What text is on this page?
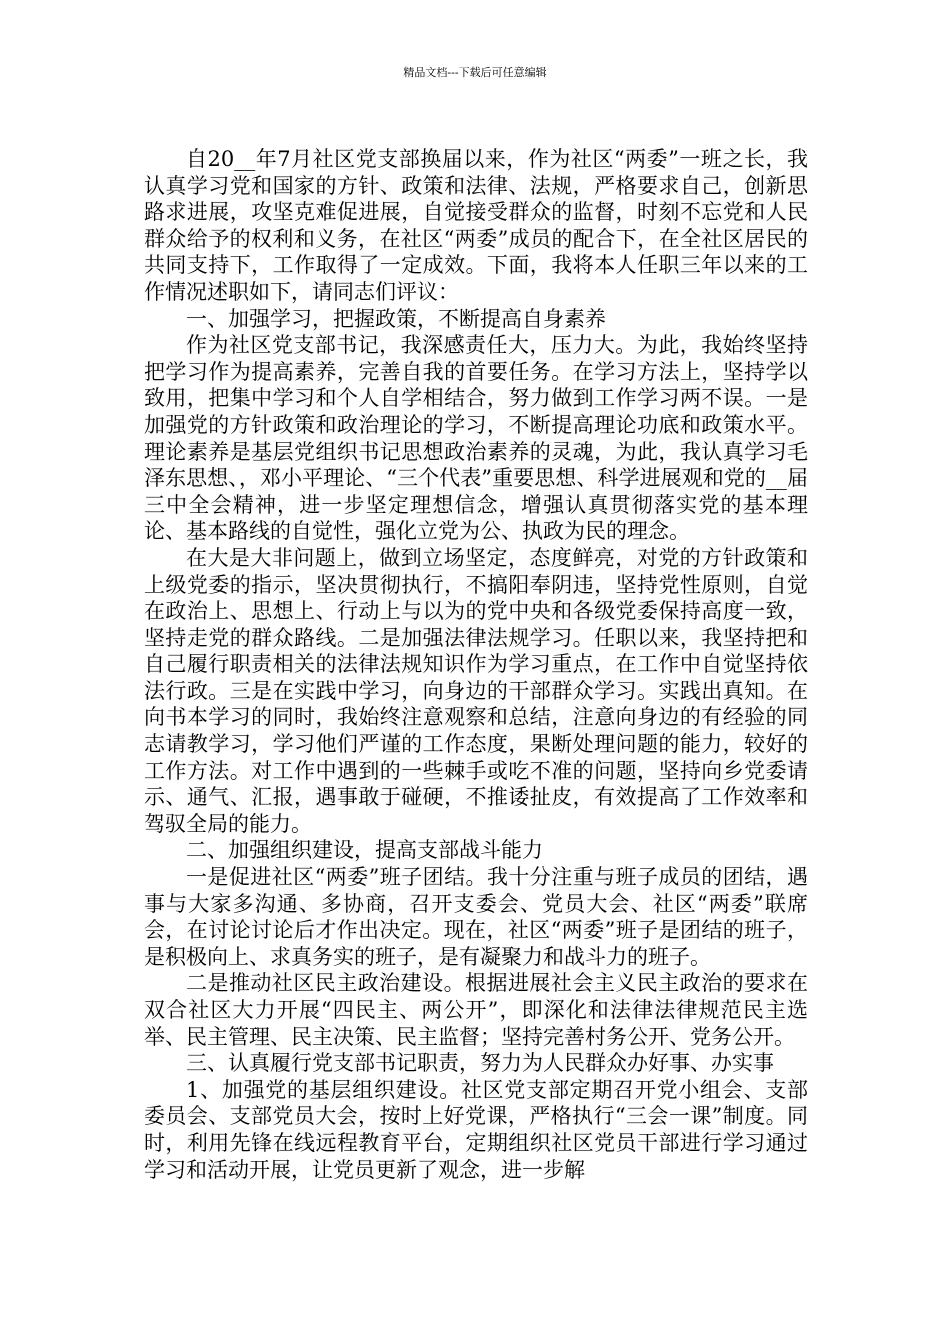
精品文档---下载后可任意编辑

自20__年7月社区党支部换届以来，作为社区“两委”一班之长，我认真学习党和国家的方针、政策和法律、法规，严格要求自己，创新思路求进展，攻坚克难促进展，自觉接受群众的监督，时刻不忘党和人民群众给予的权利和义务，在社区“两委”成员的配合下，在全社区居民的共同支持下，工作取得了一定成效。下面，我将本人任职三年以来的工作情况述职如下，请同志们评议：

一、加强学习，把握政策，不断提高自身素养

作为社区党支部书记，我深感责任大，压力大。为此，我始终坚持把学习作为提高素养，完善自我的首要任务。在学习方法上，坚持学以致用，把集中学习和个人自学相结合，努力做到工作学习两不误。一是加强党的方针政策和政治理论的学习，不断提高理论功底和政策水平。理论素养是基层党组织书记思想政治素养的灵魂，为此，我认真学习毛泽东思想、，邓小平理论、“三个代表”重要思想、科学进展观和党的__届三中全会精神，进一步坚定理想信念，增强认真贯彻落实党的基本理论、基本路线的自觉性，强化立党为公、执政为民的理念。

在大是大非问题上，做到立场坚定，态度鲜亮，对党的方针政策和上级党委的指示，坚决贯彻执行，不搞阳奉阴违，坚持党性原则，自觉在政治上、思想上、行动上与以为的党中央和各级党委保持高度一致，坚持走党的群众路线。二是加强法律法规学习。任职以来，我坚持把和自己履行职责相关的法律法规知识作为学习重点，在工作中自觉坚持依法行政。三是在实践中学习，向身边的干部群众学习。实践出真知。在向书本学习的同时，我始终注意观察和总结，注意向身边的有经验的同志请教学习，学习他们严谨的工作态度，果断处理问题的能力，较好的工作方法。对工作中遇到的一些棘手或吃不准的问题，坚持向乡党委请示、通气、汇报，遇事敢于碰硬，不推诿扯皮，有效提高了工作效率和驾驭全局的能力。

二、加强组织建设，提高支部战斗能力

一是促进社区“两委”班子团结。我十分注重与班子成员的团结，遇事与大家多沟通、多协商，召开支委会、党员大会、社区“两委”联席会，在讨论讨论后才作出决定。现在，社区“两委”班子是团结的班子，是积极向上、求真务实的班子，是有凝聚力和战斗力的班子。

二是推动社区民主政治建设。根据进展社会主义民主政治的要求在双合社区大力开展“四民主、两公开”，即深化和法律法律规范民主选举、民主管理、民主决策、民主监督；坚持完善村务公开、党务公开。

三、认真履行党支部书记职责，努力为人民群众办好事、办实事

1、加强党的基层组织建设。社区党支部定期召开党小组会、支部委员会、支部党员大会，按时上好党课，严格执行“三会一课”制度。同时，利用先锋在线远程教育平台，定期组织社区党员干部进行学习通过学习和活动开展，让党员更新了观念，进一步解
